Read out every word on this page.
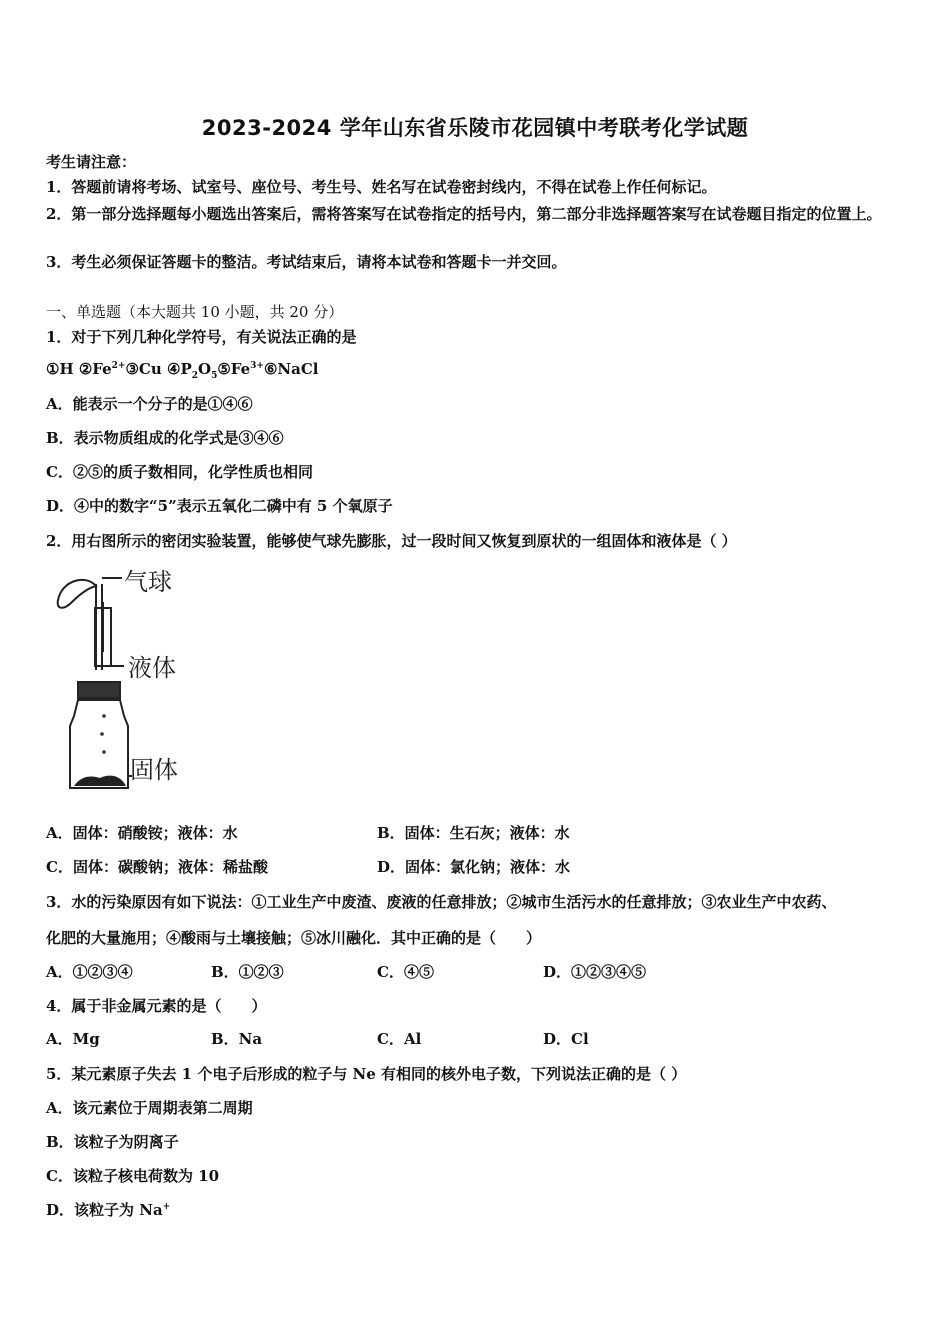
2023-2024 学年山东省乐陵市花园镇中考联考化学试题
考生请注意：
1．答题前请将考场、试室号、座位号、考生号、姓名写在试卷密封线内，不得在试卷上作任何标记。
2．第一部分选择题每小题选出答案后，需将答案写在试卷指定的括号内，第二部分非选择题答案写在试卷题目指定的位置上。
3．考生必须保证答题卡的整洁。考试结束后，请将本试卷和答题卡一并交回。
一、单选题（本大题共 10 小题，共 20 分）
1．对于下列几种化学符号，有关说法正确的是
①H $②Fe^{2+}③Cu$ $④P_2O_5⑤Fe^{3+}⑥NaCl$
A．能表示一个分子的是①④⑥
B．表示物质组成的化学式是③④⑥
C．②⑤的质子数相同，化学性质也相同
D．④中的数字“5”表示五氧化二磷中有 5 个氧原子
2．用右图所示的密闭实验装置，能够使气球先膨胀，过一段时间又恢复到原状的一组固体和液体是（ ）
气球
液体
固体
A．固体：硝酸铵；液体：水	B．固体：生石灰；液体：水
C．固体：碳酸钠；液体：稀盐酸	D．固体：氯化钠；液体：水
3．水的污染原因有如下说法：①工业生产中废渣、废液的任意排放；②城市生活污水的任意排放；③农业生产中农药、
化肥的大量施用；④酸雨与土壤接触；⑤冰川融化．其中正确的是（　　）
A．①②③④	B．①②③	C．④⑤	D．①②③④⑤
4．属于非金属元素的是（　　）
A．Mg	B．Na	C．Al	D．Cl
5．某元素原子失去 1 个电子后形成的粒子与 Ne 有相同的核外电子数，下列说法正确的是（ ）
A．该元素位于周期表第二周期
B．该粒子为阴离子
C．该粒子核电荷数为 10
D．该粒子为 Na+
